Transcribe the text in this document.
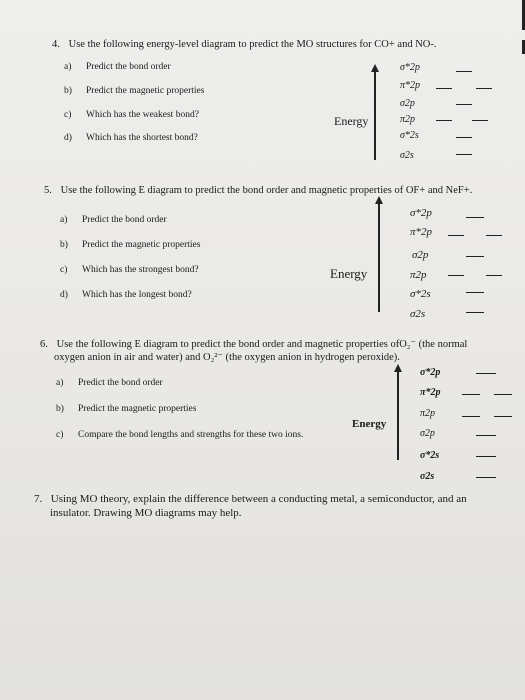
4. Use the following energy-level diagram to predict the MO structures for CO+ and NO-.
a) Predict the bond order
b) Predict the magnetic properties
c) Which has the weakest bond?
d) Which has the shortest bond?
Energy
σ*2p
π*2p
σ2p
π2p
σ*2s
σ2s
5. Use the following E diagram to predict the bond order and magnetic properties of OF+ and NeF+.
a) Predict the bond order
b) Predict the magnetic properties
c) Which has the strongest bond?
d) Which has the longest bond?
Energy
σ*2p
π*2p
σ2p
π2p
σ*2s
σ2s
6. Use the following E diagram to predict the bond order and magnetic properties ofO₂⁻ (the normal
oxygen anion in air and water) and O₂²⁻ (the oxygen anion in hydrogen peroxide).
a) Predict the bond order
b) Predict the magnetic properties
c) Compare the bond lengths and strengths for these two ions.
Energy
σ*2p
π*2p
π2p
σ2p
σ*2s
σ2s
7. Using MO theory, explain the difference between a conducting metal, a semiconductor, and an
insulator. Drawing MO diagrams may help.
